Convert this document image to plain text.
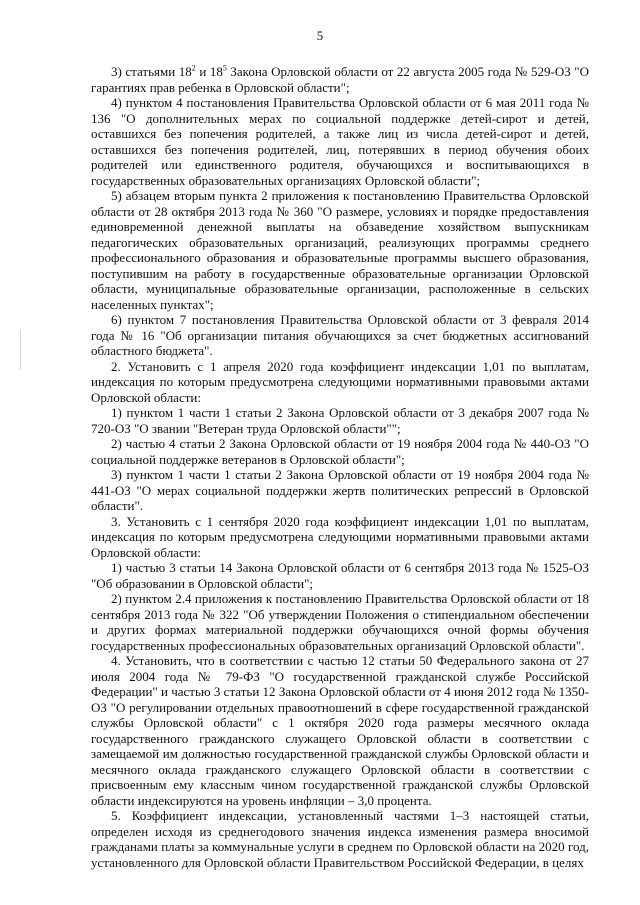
5

3) статьями $18^2$ и $18^5$ Закона Орловской области от 22 августа 2005 года № 529-ОЗ "О гарантиях прав ребенка в Орловской области";

4) пунктом 4 постановления Правительства Орловской области от 6 мая 2011 года № 136 "О дополнительных мерах по социальной поддержке детей-сирот и детей, оставшихся без попечения родителей, а также лиц из числа детей-сирот и детей, оставшихся без попечения родителей, лиц, потерявших в период обучения обоих родителей или единственного родителя, обучающихся и воспитывающихся в государственных образовательных организациях Орловской области";

5) абзацем вторым пункта 2 приложения к постановлению Правительства Орловской области от 28 октября 2013 года № 360 "О размере, условиях и порядке предоставления единовременной денежной выплаты на обзаведение хозяйством выпускникам педагогических образовательных организаций, реализующих программы среднего профессионального образования и образовательные программы высшего образования, поступившим на работу в государственные образовательные организации Орловской области, муниципальные образовательные организации, расположенные в сельских населенных пунктах";

6) пунктом 7 постановления Правительства Орловской области от 3 февраля 2014 года № 16 "Об организации питания обучающихся за счет бюджетных ассигнований областного бюджета".

2. Установить с 1 апреля 2020 года коэффициент индексации 1,01 по выплатам, индексация по которым предусмотрена следующими нормативными правовыми актами Орловской области:

1) пунктом 1 части 1 статьи 2 Закона Орловской области от 3 декабря 2007 года № 720-ОЗ "О звании "Ветеран труда Орловской области"";

2) частью 4 статьи 2 Закона Орловской области от 19 ноября 2004 года № 440-ОЗ "О социальной поддержке ветеранов в Орловской области";

3) пунктом 1 части 1 статьи 2 Закона Орловской области от 19 ноября 2004 года № 441-ОЗ "О мерах социальной поддержки жертв политических репрессий в Орловской области".

3. Установить с 1 сентября 2020 года коэффициент индексации 1,01 по выплатам, индексация по которым предусмотрена следующими нормативными правовыми актами Орловской области:

1) частью 3 статьи 14 Закона Орловской области от 6 сентября 2013 года № 1525-ОЗ "Об образовании в Орловской области";

2) пунктом 2.4 приложения к постановлению Правительства Орловской области от 18 сентября 2013 года № 322 "Об утверждении Положения о стипендиальном обеспечении и других формах материальной поддержки обучающихся очной формы обучения государственных профессиональных образовательных организаций Орловской области".

4. Установить, что в соответствии с частью 12 статьи 50 Федерального закона от 27 июля 2004 года № 79-ФЗ "О государственной гражданской службе Российской Федерации" и частью 3 статьи 12 Закона Орловской области от 4 июня 2012 года № 1350-ОЗ "О регулировании отдельных правоотношений в сфере государственной гражданской службы Орловской области" с 1 октября 2020 года размеры месячного оклада государственного гражданского служащего Орловской области в соответствии с замещаемой им должностью государственной гражданской службы Орловской области и месячного оклада гражданского служащего Орловской области в соответствии с присвоенным ему классным чином государственной гражданской службы Орловской области индексируются на уровень инфляции – 3,0 процента.

5. Коэффициент индексации, установленный частями 1–3 настоящей статьи, определен исходя из среднегодового значения индекса изменения размера вносимой гражданами платы за коммунальные услуги в среднем по Орловской области на 2020 год, установленного для Орловской области Правительством Российской Федерации, в целях
